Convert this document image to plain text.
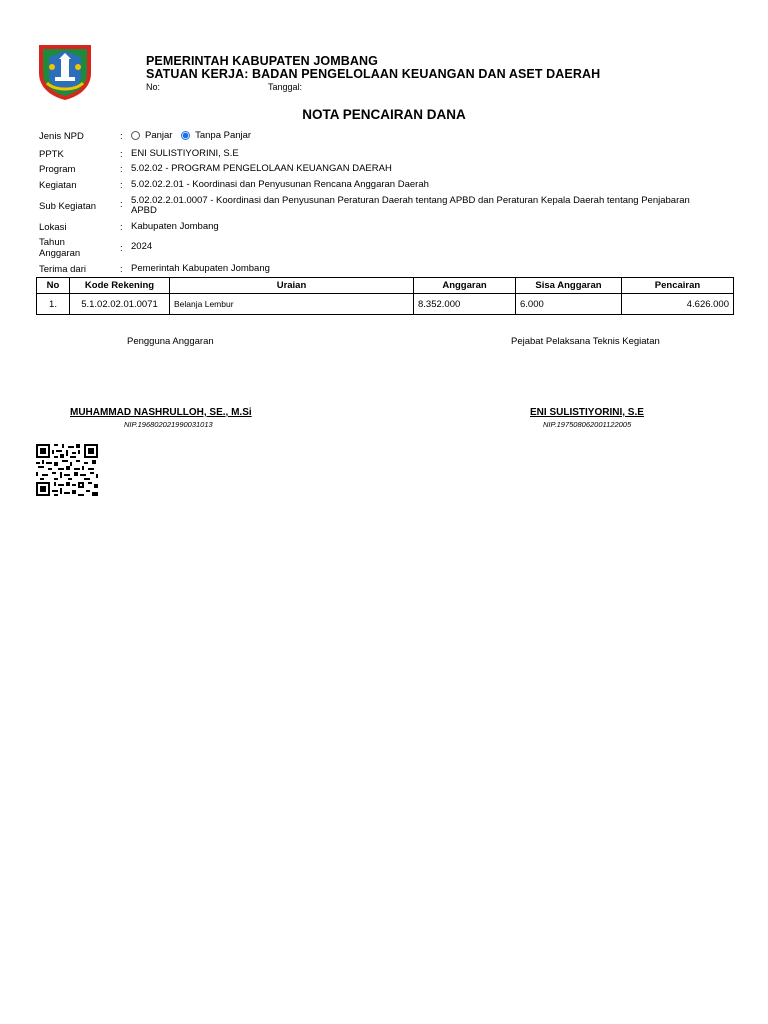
PEMERINTAH KABUPATEN JOMBANG
SATUAN KERJA: BADAN PENGELOLAAN KEUANGAN DAN ASET DAERAH
No:	Tanggal:
NOTA PENCAIRAN DANA
Jenis NPD	:	Panjar Tanpa Panjar
PPTK	: ENI SULISTIYORINI, S.E
Program	: 5.02.02 - PROGRAM PENGELOLAAN KEUANGAN DAERAH
Kegiatan	: 5.02.02.2.01 - Koordinasi dan Penyusunan Rencana Anggaran Daerah
Sub Kegiatan	: 5.02.02.2.01.0007 - Koordinasi dan Penyusunan Peraturan Daerah tentang APBD dan Peraturan Kepala Daerah tentang Penjabaran APBD
Lokasi	: Kabupaten Jombang
Tahun
Anggaran	: 2024
Terima dari	: Pemerintah Kabupaten Jombang
No	Kode Rekening	Uraian	Anggaran	Sisa Anggaran	Pencairan
1.	5.1.02.02.01.0071	Belanja Lembur	8.352.000	6.000	4.626.000
Pengguna Anggaran	Pejabat Pelaksana Teknis Kegiatan
MUHAMMAD NASHRULLOH, SE., M.Si
NIP.196802021990031013
ENI SULISTIYORINI, S.E
NIP.197508062001122005
